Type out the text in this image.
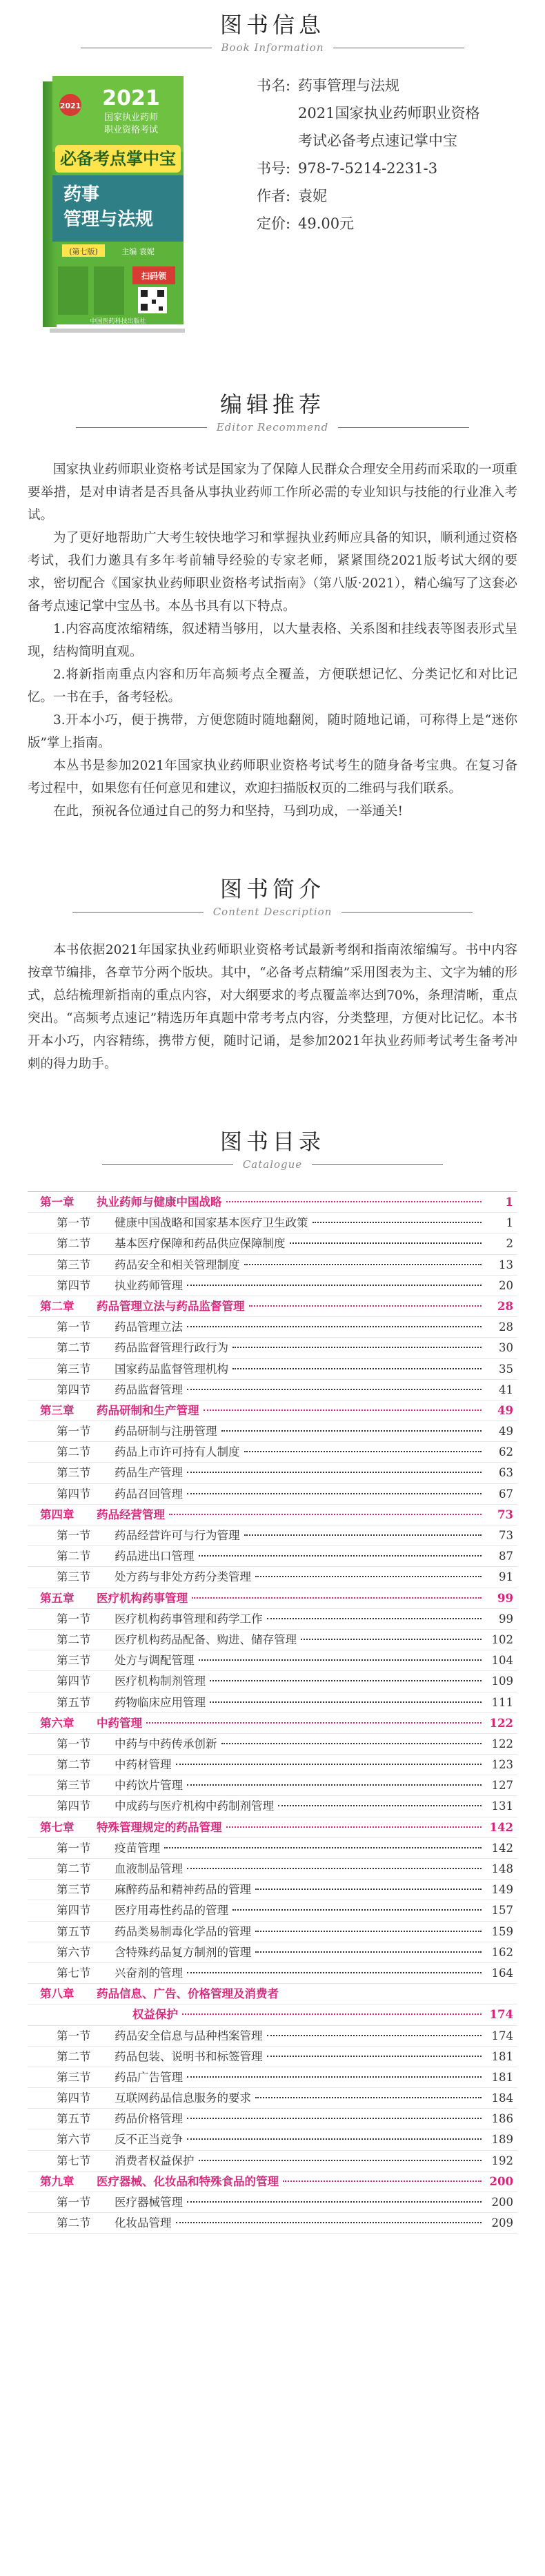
图书信息
Book Information
2021 2021
国家执业药师
职业资格考试
必备考点掌中宝
药事
管理与法规
(第七版)	主编 袁妮
扫码领
中国医药科技出版社
书名: 药事管理与法规
2021国家执业药师职业资格
考试必备考点速记掌中宝
书号: 978-7-5214-2231-3
作者: 袁妮
定价: 49.00元
编辑推荐
Editor Recommend

国家执业药师职业资格考试是国家为了保障人民群众合理安全用药而采取的一项重要举措，是对申请者是否具备从事执业药师工作所必需的专业知识与技能的行业准入考试。

为了更好地帮助广大考生较快地学习和掌握执业药师应具备的知识，顺利通过资格考试，我们力邀具有多年考前辅导经验的专家老师，紧紧围绕2021版考试大纲的要求，密切配合《国家执业药师职业资格考试指南》（第八版·2021），精心编写了这套必备考点速记掌中宝丛书。本丛书具有以下特点。

1.内容高度浓缩精练，叙述精当够用，以大量表格、关系图和挂线表等图表形式呈现，结构简明直观。

2.将新指南重点内容和历年高频考点全覆盖，方便联想记忆、分类记忆和对比记忆。一书在手，备考轻松。

3.开本小巧，便于携带，方便您随时随地翻阅，随时随地记诵，可称得上是“迷你版”掌上指南。

本丛书是参加2021年国家执业药师职业资格考试考生的随身备考宝典。在复习备考过程中，如果您有任何意见和建议，欢迎扫描版权页的二维码与我们联系。

在此，预祝各位通过自己的努力和坚持，马到功成，一举通关!

图书简介
Content Description

本书依据2021年国家执业药师职业资格考试最新考纲和指南浓缩编写。书中内容按章节编排，各章节分两个版块。其中，“必备考点精编”采用图表为主、文字为辅的形式，总结梳理新指南的重点内容，对大纲要求的考点覆盖率达到70%，条理清晰，重点突出。“高频考点速记”精选历年真题中常考考点内容，分类整理，方便对比记忆。本书开本小巧，内容精练，携带方便，随时记诵，是参加2021年执业药师考试考生备考冲刺的得力助手。

图书目录
Catalogue
第一章	执业药师与健康中国战略	1
第一节	健康中国战略和国家基本医疗卫生政策	1
第二节	基本医疗保障和药品供应保障制度	2
第三节	药品安全和相关管理制度	13
第四节	执业药师管理	20
第二章	药品管理立法与药品监督管理	28
第一节	药品管理立法	28
第二节	药品监督管理行政行为	30
第三节	国家药品监督管理机构	35
第四节	药品监督管理	41
第三章	药品研制和生产管理	49
第一节	药品研制与注册管理	49
第二节	药品上市许可持有人制度	62
第三节	药品生产管理	63
第四节	药品召回管理	67
第四章	药品经营管理	73
第一节	药品经营许可与行为管理	73
第二节	药品进出口管理	87
第三节	处方药与非处方药分类管理	91
第五章	医疗机构药事管理	99
第一节	医疗机构药事管理和药学工作	99
第二节	医疗机构药品配备、购进、储存管理	102
第三节	处方与调配管理	104
第四节	医疗机构制剂管理	109
第五节	药物临床应用管理	111
第六章	中药管理	122
第一节	中药与中药传承创新	122
第二节	中药材管理	123
第三节	中药饮片管理	127
第四节	中成药与医疗机构中药制剂管理	131
第七章	特殊管理规定的药品管理	142
第一节	疫苗管理	142
第二节	血液制品管理	148
第三节	麻醉药品和精神药品的管理	149
第四节	医疗用毒性药品的管理	157
第五节	药品类易制毒化学品的管理	159
第六节	含特殊药品复方制剂的管理	162
第七节	兴奋剂的管理	164
第八章	药品信息、广告、价格管理及消费者
权益保护	174
第一节	药品安全信息与品种档案管理	174
第二节	药品包装、说明书和标签管理	181
第三节	药品广告管理	181
第四节	互联网药品信息服务的要求	184
第五节	药品价格管理	186
第六节	反不正当竞争	189
第七节	消费者权益保护	192
第九章	医疗器械、化妆品和特殊食品的管理	200
第一节	医疗器械管理	200
第二节	化妆品管理	209
